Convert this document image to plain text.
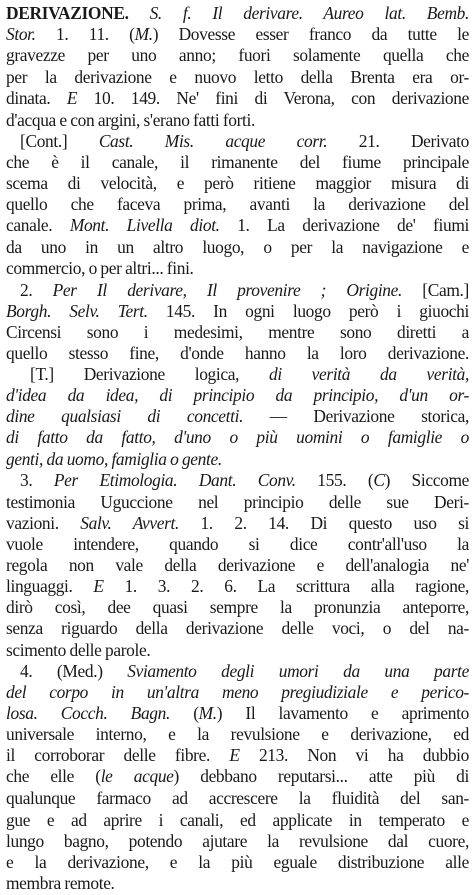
DERIVAZIONE. S. f. Il derivare. Aureo lat. Bemb.
Stor. 1. 11. (M.) Dovesse esser franco da tutte le
gravezze per uno anno; fuori solamente quella che
per la derivazione e nuovo letto della Brenta era or-
dinata. E 10. 149. Ne' fini di Verona, con derivazione
d'acqua e con argini, s'erano fatti forti.
[Cont.] Cast. Mis. acque corr. 21. Derivato
che è il canale, il rimanente del fiume principale
scema di velocità, e però ritiene maggior misura di
quello che faceva prima, avanti la derivazione del
canale. Mont. Livella diot. 1. La derivazione de' fiumi
da uno in un altro luogo, o per la navigazione e
commercio, o per altri... fini.
2. Per Il derivare, Il provenire ; Origine. [Cam.]
Borgh. Selv. Tert. 145. In ogni luogo però i giuochi
Circensi sono i medesimi, mentre sono diretti a
quello stesso fine, d'onde hanno la loro derivazione.
[T.] Derivazione logica, di verità da verità,
d'idea da idea, di principio da principio, d'un or-
dine qualsiasi di concetti. — Derivazione storica,
di fatto da fatto, d'uno o più uomini o famiglie o
genti, da uomo, famiglia o gente.
3. Per Etimologia. Dant. Conv. 155. (C) Siccome
testimonia Uguccione nel principio delle sue Deri-
vazioni. Salv. Avvert. 1. 2. 14. Di questo uso si
vuole intendere, quando si dice contr'all'uso la
regola non vale della derivazione e dell'analogia ne'
linguaggi. E 1. 3. 2. 6. La scrittura alla ragione,
dirò così, dee quasi sempre la pronunzia anteporre,
senza riguardo della derivazione delle voci, o del na-
scimento delle parole.
4. (Med.) Sviamento degli umori da una parte
del corpo in un'altra meno pregiudiziale e perico-
losa. Cocch. Bagn. (M.) Il lavamento e aprimento
universale interno, e la revulsione e derivazione, ed
il corroborar delle fibre. E 213. Non vi ha dubbio
che elle (le acque) debbano reputarsi... atte più di
qualunque farmaco ad accrescere la fluidità del san-
gue e ad aprire i canali, ed applicate in temperato e
lungo bagno, potendo ajutare la revulsione dal cuore,
e la derivazione, e la più eguale distribuzione alle
membra remote.
